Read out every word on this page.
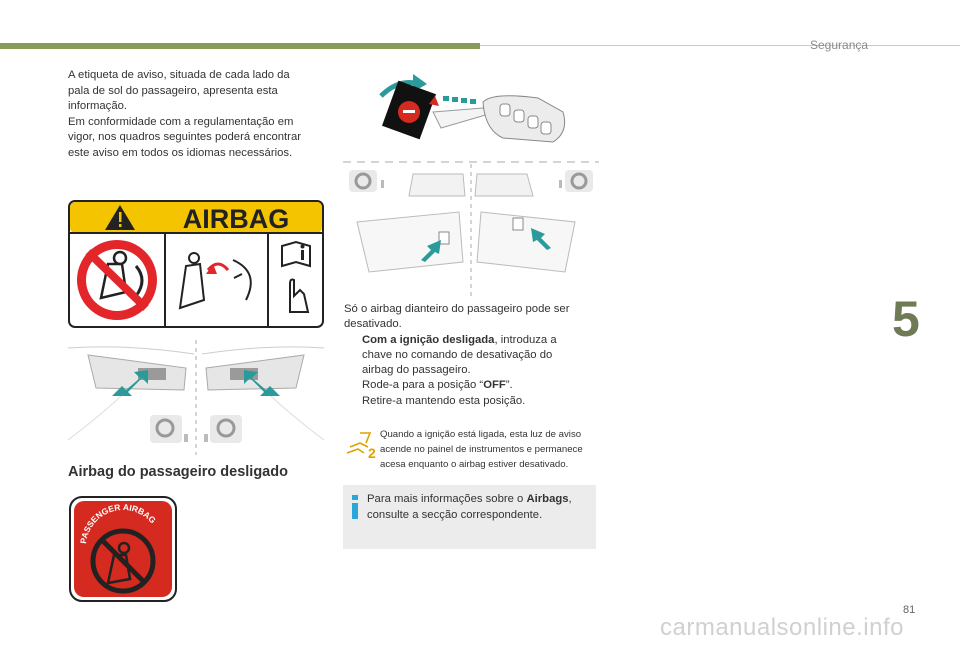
Segurança
5
A etiqueta de aviso, situada de cada lado da
pala de sol do passageiro, apresenta esta
informação.
Em conformidade com a regulamentação em
vigor, nos quadros seguintes poderá encontrar
este aviso em todos os idiomas necessários.
AIRBAG
Airbag do passageiro desligado
PASSENGER AIRBAG
Só o airbag dianteiro do passageiro pode ser
desativado.
Com a ignição desligada, introduza a
chave no comando de desativação do
airbag do passageiro.
Rode-a para a posição “OFF”.
Retire-a mantendo esta posição.
2
Quando a ignição está ligada, esta luz de aviso
acende no painel de instrumentos e permanece
acesa enquanto o airbag estiver desativado.
Para mais informações sobre o Airbags,
consulte a secção correspondente.
81
carmanualsonline.info
